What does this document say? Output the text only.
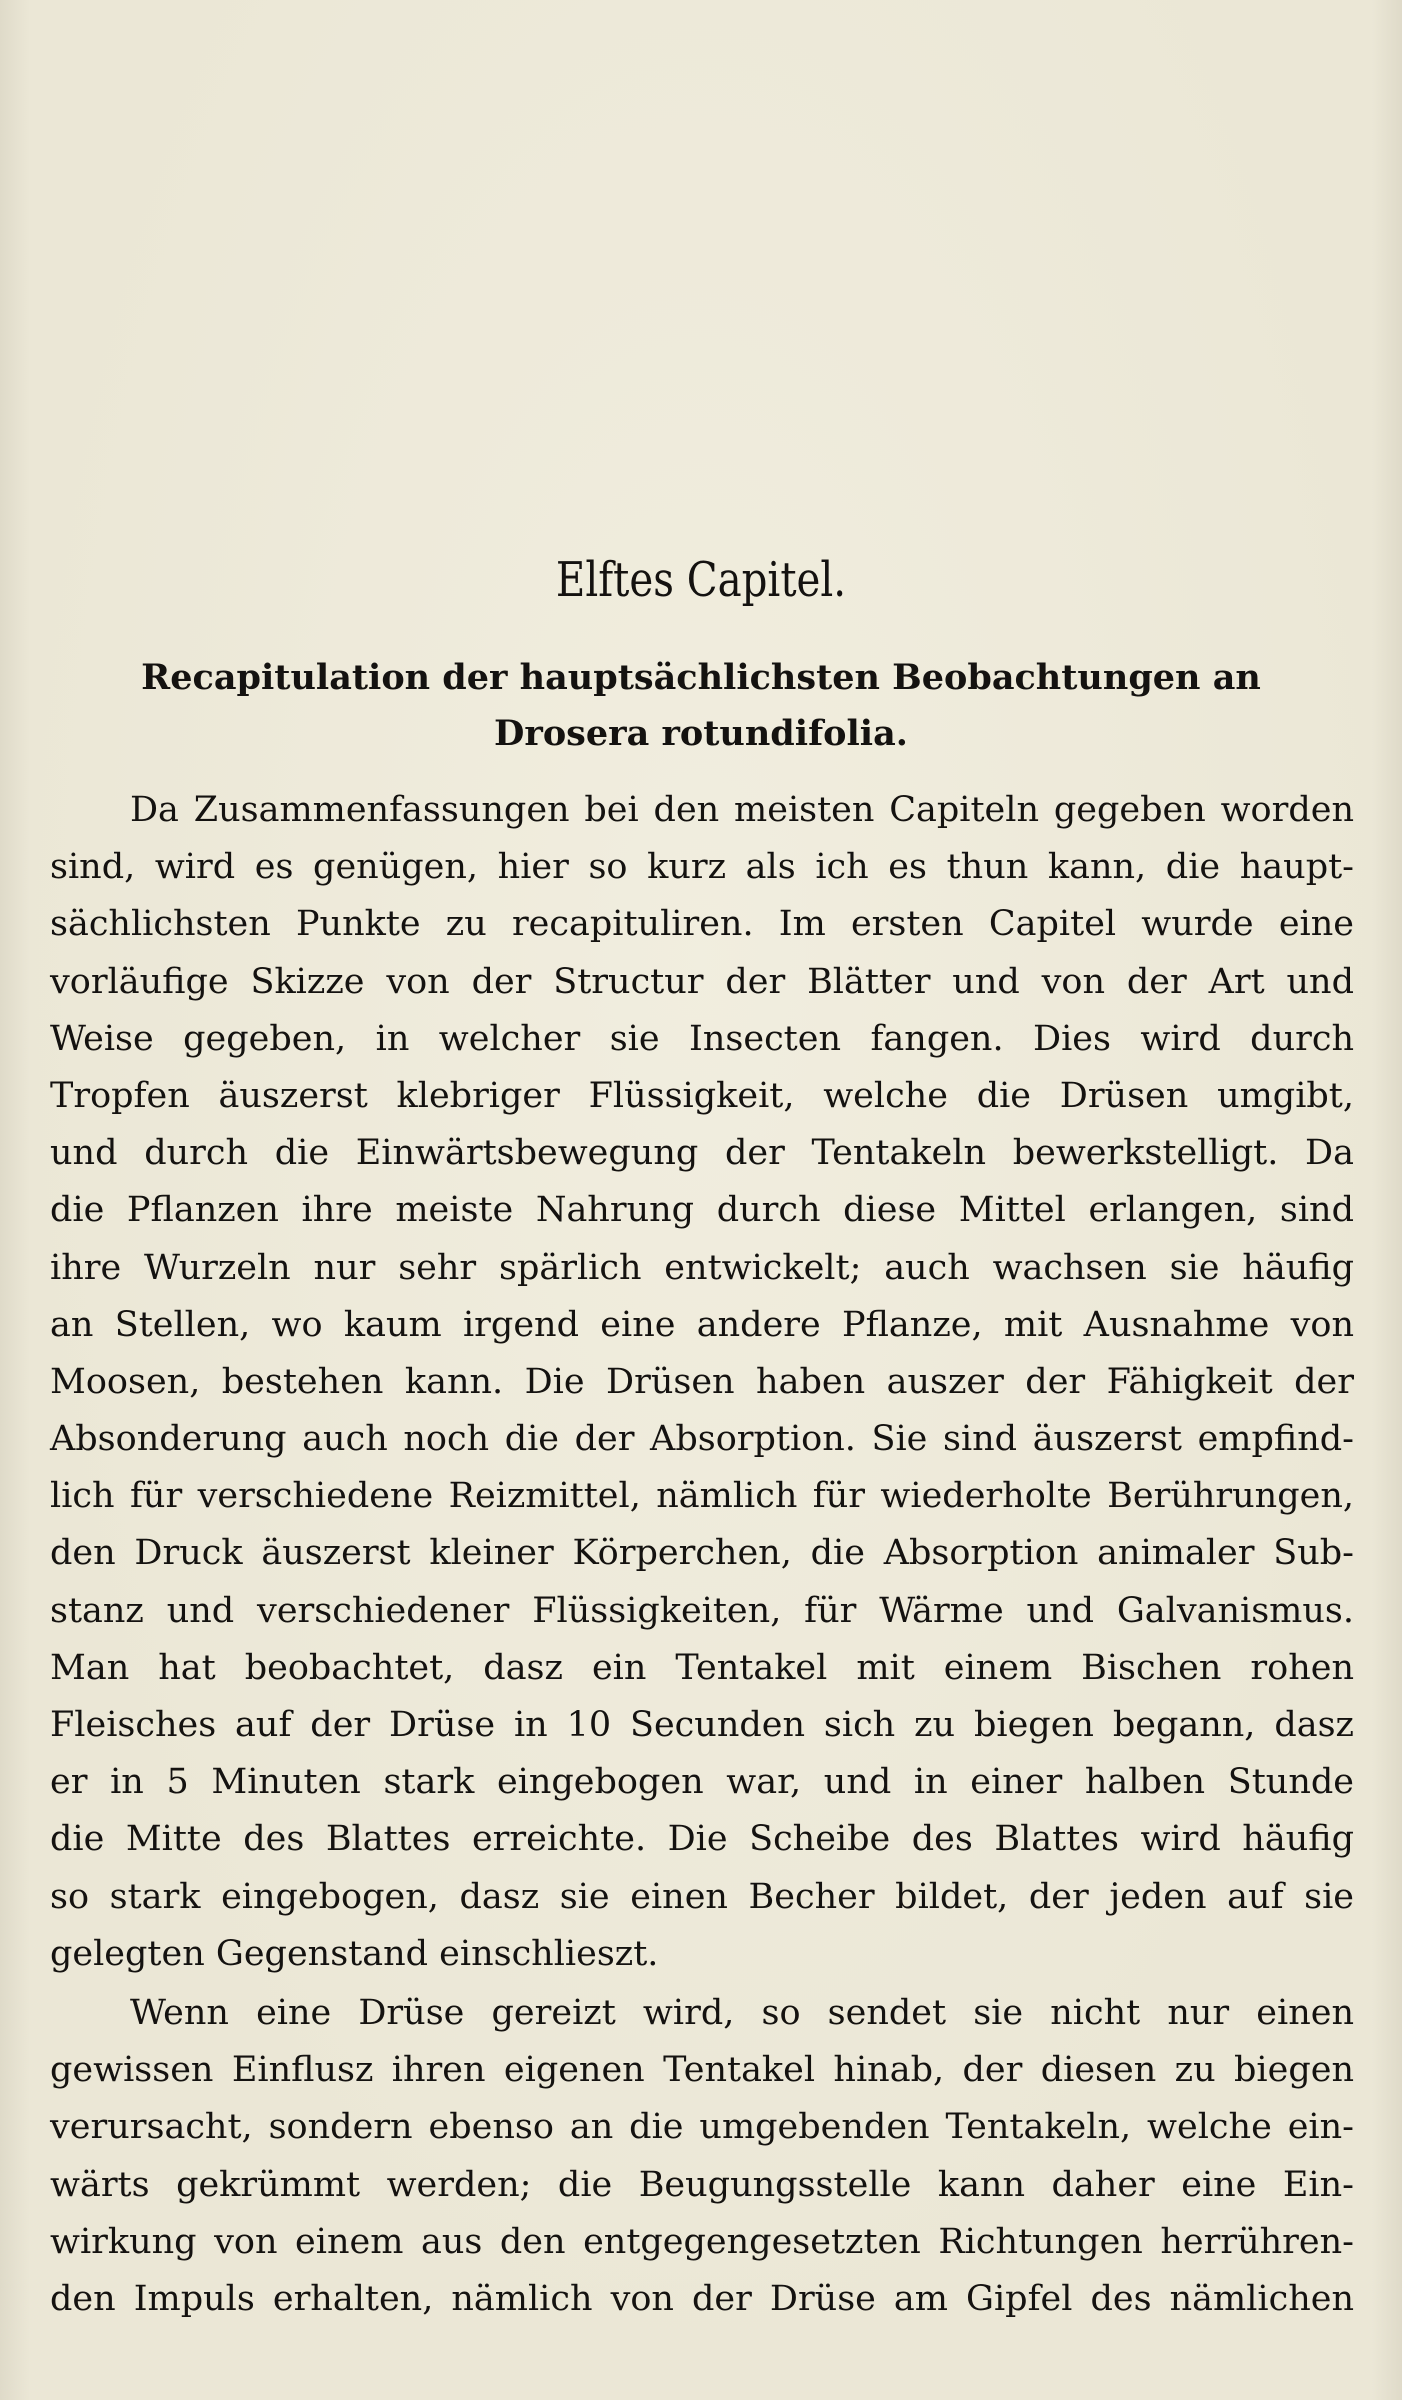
Elftes Capitel.
Recapitulation der hauptsächlichsten Beobachtungen an
Drosera rotundifolia.
Da Zusammenfassungen bei den meisten Capiteln gegeben worden
sind, wird es genügen, hier so kurz als ich es thun kann, die haupt-
sächlichsten Punkte zu recapituliren. Im ersten Capitel wurde eine
vorläufige Skizze von der Structur der Blätter und von der Art und
Weise gegeben, in welcher sie Insecten fangen. Dies wird durch
Tropfen äuszerst klebriger Flüssigkeit, welche die Drüsen umgibt,
und durch die Einwärtsbewegung der Tentakeln bewerkstelligt. Da
die Pflanzen ihre meiste Nahrung durch diese Mittel erlangen, sind
ihre Wurzeln nur sehr spärlich entwickelt; auch wachsen sie häufig
an Stellen, wo kaum irgend eine andere Pflanze, mit Ausnahme von
Moosen, bestehen kann. Die Drüsen haben auszer der Fähigkeit der
Absonderung auch noch die der Absorption. Sie sind äuszerst empfind-
lich für verschiedene Reizmittel, nämlich für wiederholte Berührungen,
den Druck äuszerst kleiner Körperchen, die Absorption animaler Sub-
stanz und verschiedener Flüssigkeiten, für Wärme und Galvanismus.
Man hat beobachtet, dasz ein Tentakel mit einem Bischen rohen
Fleisches auf der Drüse in 10 Secunden sich zu biegen begann, dasz
er in 5 Minuten stark eingebogen war, und in einer halben Stunde
die Mitte des Blattes erreichte. Die Scheibe des Blattes wird häufig
so stark eingebogen, dasz sie einen Becher bildet, der jeden auf sie
gelegten Gegenstand einschlieszt.
Wenn eine Drüse gereizt wird, so sendet sie nicht nur einen
gewissen Einflusz ihren eigenen Tentakel hinab, der diesen zu biegen
verursacht, sondern ebenso an die umgebenden Tentakeln, welche ein-
wärts gekrümmt werden; die Beugungsstelle kann daher eine Ein-
wirkung von einem aus den entgegengesetzten Richtungen herrühren-
den Impuls erhalten, nämlich von der Drüse am Gipfel des nämlichen
